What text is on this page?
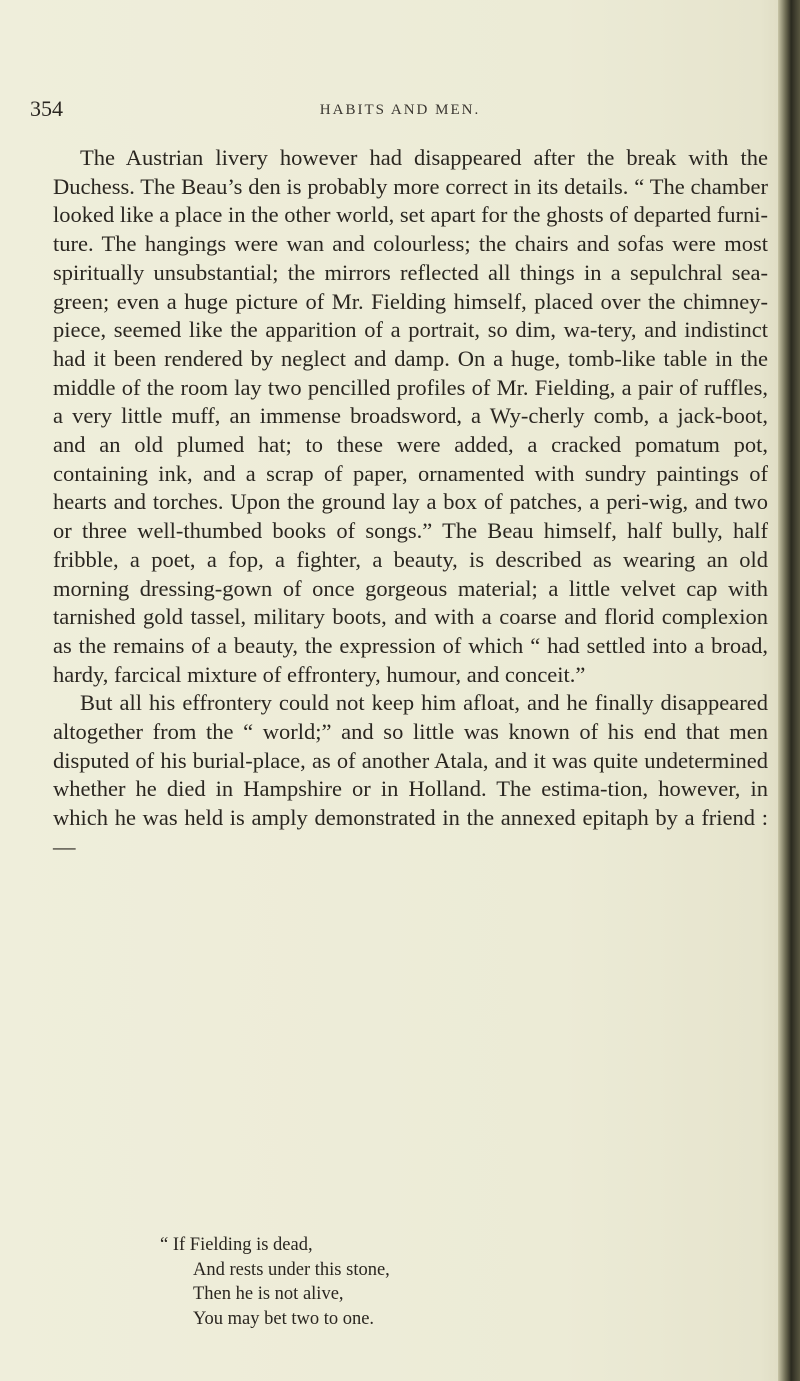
354	HABITS AND MEN.

The Austrian livery however had disappeared after the break with the Duchess. The Beau’s den is probably more correct in its details. “ The chamber looked like a place in the other world, set apart for the ghosts of departed furni-ture. The hangings were wan and colourless; the chairs and sofas were most spiritually unsubstantial; the mirrors reflected all things in a sepulchral sea-green; even a huge picture of Mr. Fielding himself, placed over the chimney-piece, seemed like the apparition of a portrait, so dim, wa-tery, and indistinct had it been rendered by neglect and damp. On a huge, tomb-like table in the middle of the room lay two pencilled profiles of Mr. Fielding, a pair of ruffles, a very little muff, an immense broadsword, a Wy-cherly comb, a jack-boot, and an old plumed hat; to these were added, a cracked pomatum pot, containing ink, and a scrap of paper, ornamented with sundry paintings of hearts and torches. Upon the ground lay a box of patches, a peri-wig, and two or three well-thumbed books of songs.” The Beau himself, half bully, half fribble, a poet, a fop, a fighter, a beauty, is described as wearing an old morning dressing-gown of once gorgeous material; a little velvet cap with tarnished gold tassel, military boots, and with a coarse and florid complexion as the remains of a beauty, the expression of which “ had settled into a broad, hardy, farcical mixture of effrontery, humour, and conceit.”

But all his effrontery could not keep him afloat, and he finally disappeared altogether from the “ world;” and so little was known of his end that men disputed of his burial-place, as of another Atala, and it was quite undetermined whether he died in Hampshire or in Holland. The estima-tion, however, in which he was held is amply demonstrated in the annexed epitaph by a friend :—

“ If Fielding is dead,
And rests under this stone,
Then he is not alive,
You may bet two to one.
